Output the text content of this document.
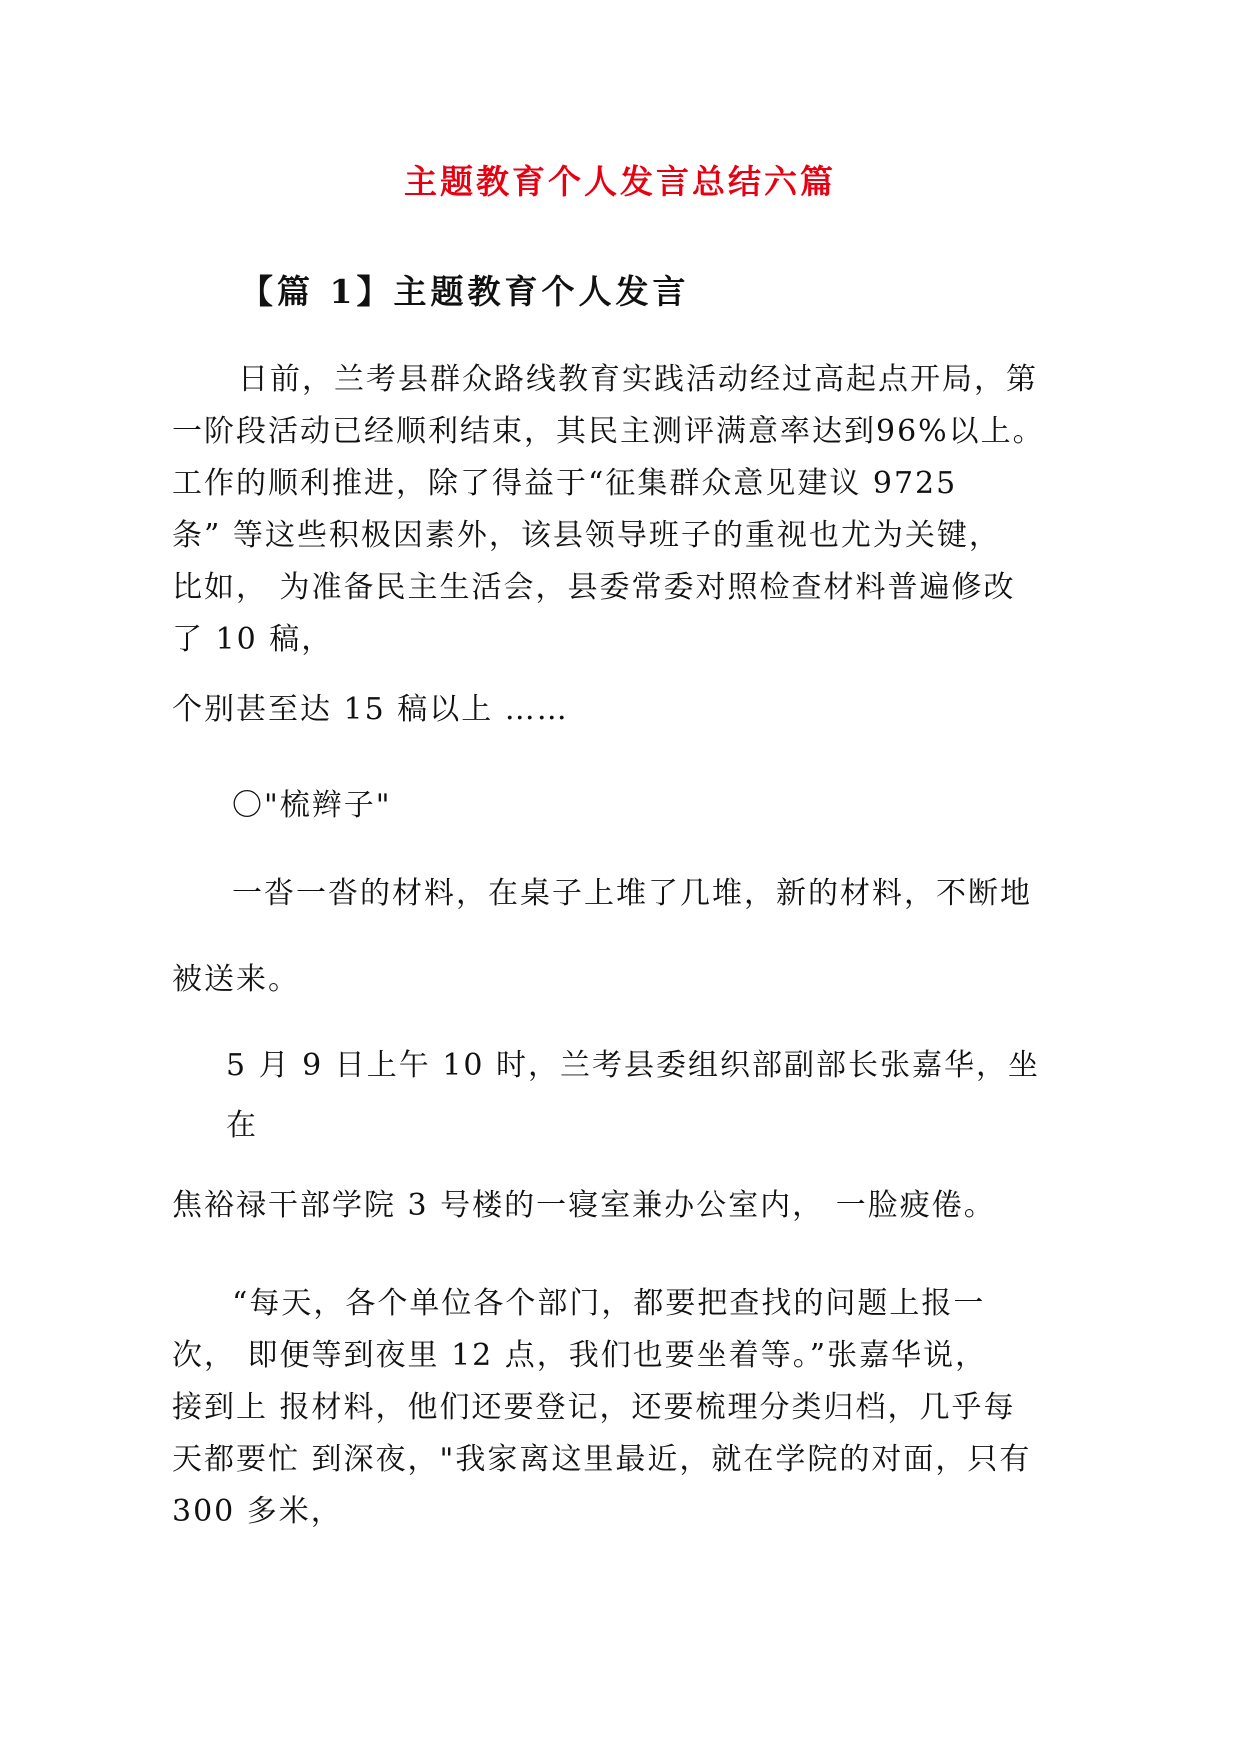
主题教育个人发言总结六篇
【篇 1】主题教育个人发言
日前，兰考县群众路线教育实践活动经过高起点开局，第
一阶段活动已经顺利结束，其民主测评满意率达到96%以上。
工作的顺利推进，除了得益于“征集群众意见建议 9725
条” 等这些积极因素外，该县领导班子的重视也尤为关键，
比如， 为准备民主生活会，县委常委对照检查材料普遍修改
了 10 稿，
个别甚至达 15 稿以上 ……
〇"梳辫子"
一沓一沓的材料，在桌子上堆了几堆，新的材料，不断地
被送来。
5 月 9 日上午 10 时，兰考县委组织部副部长张嘉华，坐
在
焦裕禄干部学院 3 号楼的一寝室兼办公室内， 一脸疲倦。
“每天，各个单位各个部门，都要把查找的问题上报一
次， 即便等到夜里 12 点，我们也要坐着等。”张嘉华说，
接到上 报材料，他们还要登记，还要梳理分类归档，几乎每
天都要忙 到深夜，"我家离这里最近，就在学院的对面，只有
300 多米，
